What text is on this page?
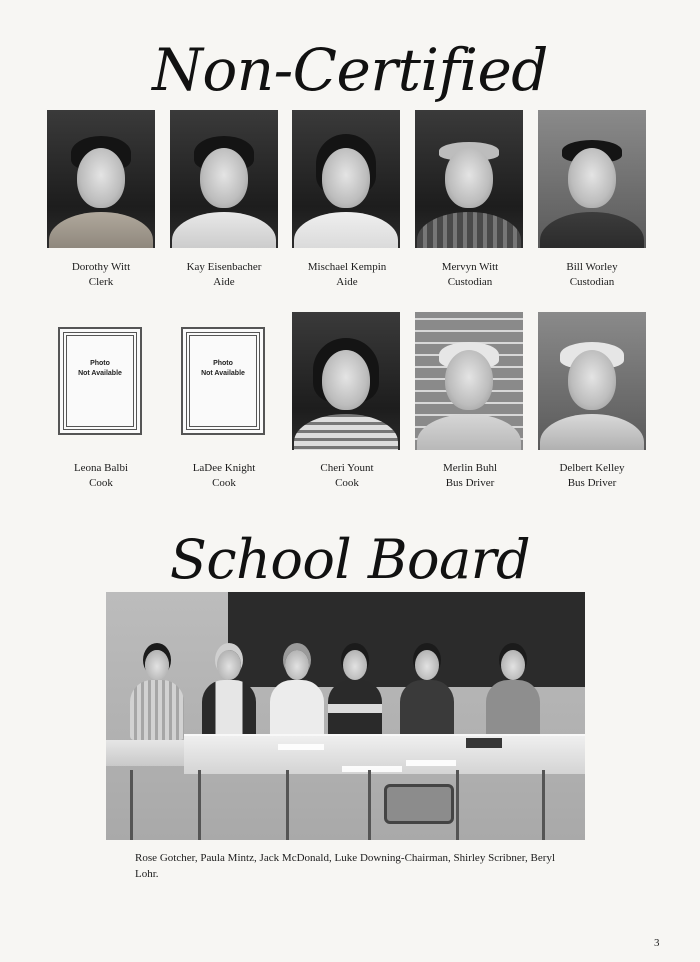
Non-Certified
Dorothy Witt
Clerk
Kay Eisenbacher
Aide
Mischael Kempin
Aide
Mervyn Witt
Custodian
Bill Worley
Custodian
Photo
Not Available
Photo
Not Available
Leona Balbi
Cook
LaDee Knight
Cook
Cheri Yount
Cook
Merlin Buhl
Bus Driver
Delbert Kelley
Bus Driver
School Board

Rose Gotcher, Paula Mintz, Jack McDonald, Luke Downing-Chairman, Shirley Scribner, Beryl Lohr.

3
